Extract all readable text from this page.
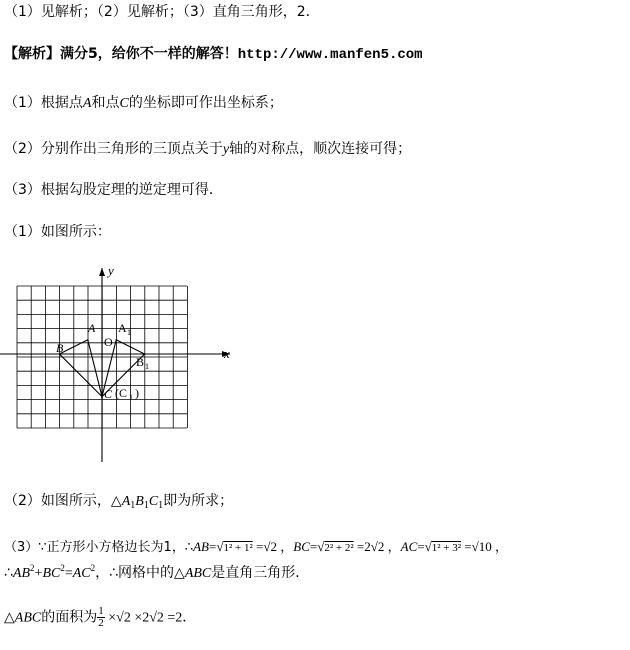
（1）见解析；（2）见解析；（3）直角三角形，2．
【解析】满分5，给你不一样的解答！http://www.manfen5.com
（1）根据点A和点C的坐标即可作出坐标系；
（2）分别作出三角形的三顶点关于y轴的对称点，顺次连接可得；
（3）根据勾股定理的逆定理可得．
（1）如图所示：
x
y
O
A
B
C
A 1
B 1
(C 1 )
（2）如图所示，$\triangle A_1B_1C_1$即为所求；
（3）∵正方形小方格边长为1，∴AB=√1² + 1² =√2 ，BC=√2² + 2² =2√2 ，AC=√1² + 3² =√10 ，
$\therefore AB^2+BC^2=AC^2$，∴网格中的△ABC是直角三角形．
△ABC的面积为 $\frac{1}{2} \times√2 \times 2√2 =2$．
